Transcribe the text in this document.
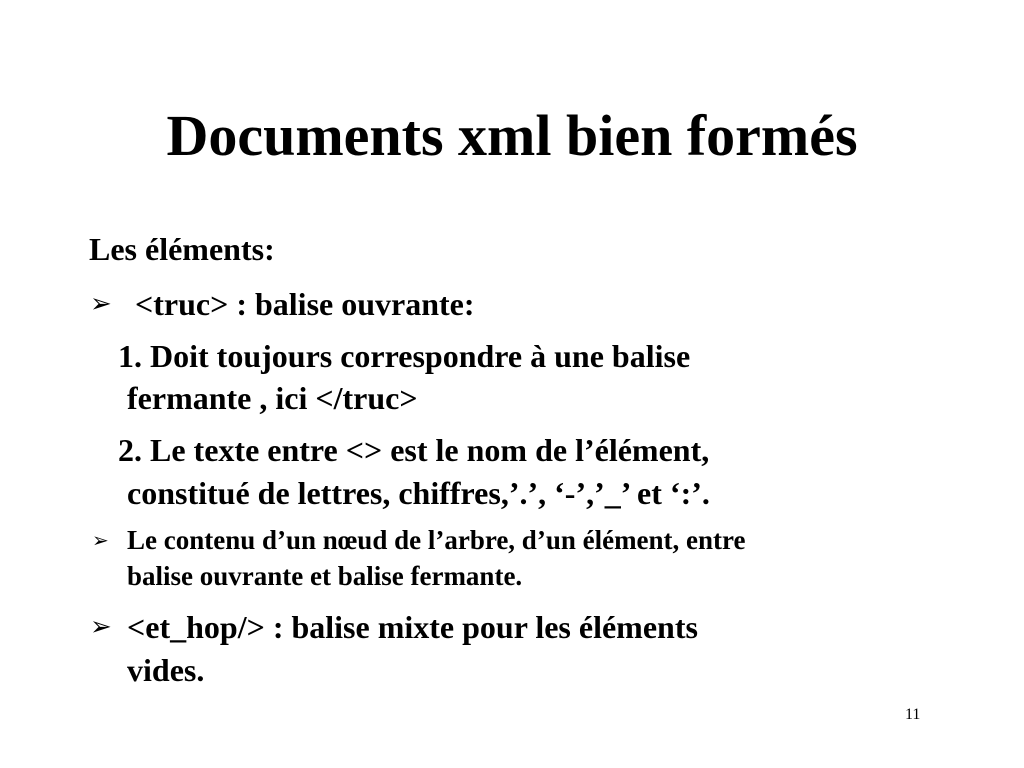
Documents xml bien formés
Les éléments:
➢ <truc> : balise ouvrante:
1. Doit toujours correspondre à une balise
fermante , ici </truc>
2. Le texte entre <> est le nom de l’élément,
constitué de lettres, chiffres,’.’, ‘-’,’_’ et ‘:’.
➢ Le contenu d’un nœud de l’arbre, d’un élément, entre
balise ouvrante et balise fermante.
➢ <et_hop/> : balise mixte pour les éléments
vides.
11
